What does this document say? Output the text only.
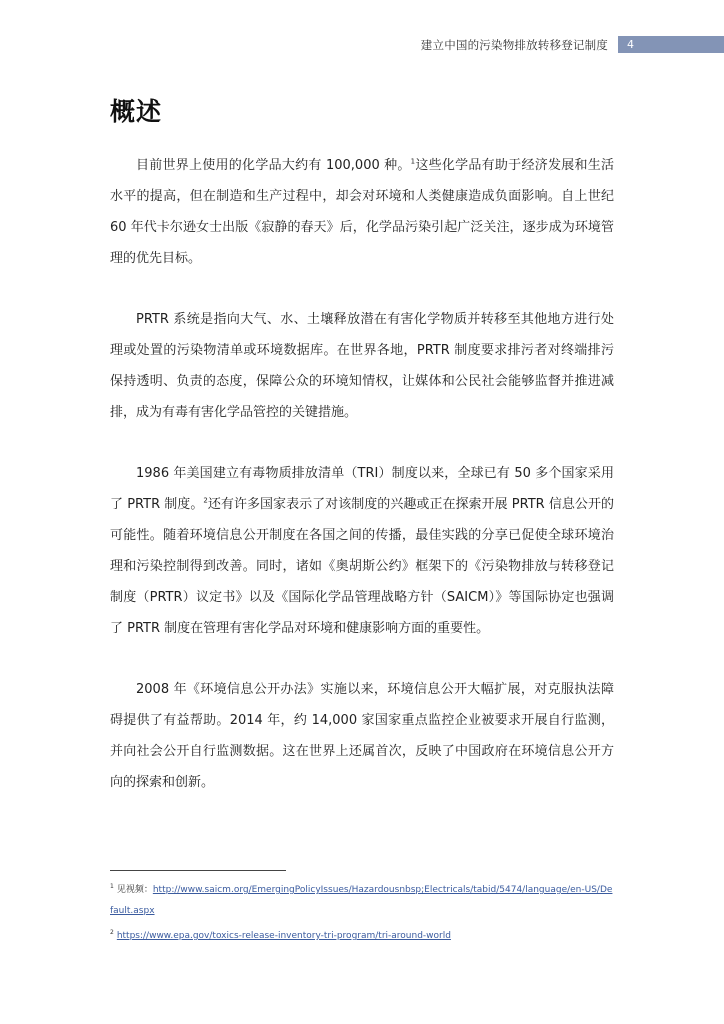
建立中国的污染物排放转移登记制度	4
概述

目前世界上使用的化学品大约有 100,000 种。$^1$这些化学品有助于经济发展和生活水平的提高，但在制造和生产过程中，却会对环境和人类健康造成负面影响。自上世纪 60 年代卡尔逊女士出版《寂静的春天》后，化学品污染引起广泛关注，逐步成为环境管理的优先目标。

PRTR 系统是指向大气、水、土壤释放潜在有害化学物质并转移至其他地方进行处理或处置的污染物清单或环境数据库。在世界各地，PRTR 制度要求排污者对终端排污保持透明、负责的态度，保障公众的环境知情权，让媒体和公民社会能够监督并推进减排，成为有毒有害化学品管控的关键措施。

1986 年美国建立有毒物质排放清单（TRI）制度以来，全球已有 50 多个国家采用了 PRTR 制度。$^2$还有许多国家表示了对该制度的兴趣或正在探索开展 PRTR 信息公开的可能性。随着环境信息公开制度在各国之间的传播，最佳实践的分享已促使全球环境治理和污染控制得到改善。同时，诸如《奥胡斯公约》框架下的《污染物排放与转移登记制度（PRTR）议定书》以及《国际化学品管理战略方针（SAICM）》等国际协定也强调了 PRTR 制度在管理有害化学品对环境和健康影响方面的重要性。

2008 年《环境信息公开办法》实施以来，环境信息公开大幅扩展，对克服执法障碍提供了有益帮助。2014 年，约 14,000 家国家重点监控企业被要求开展自行监测，并向社会公开自行监测数据。这在世界上还属首次，反映了中国政府在环境信息公开方向的探索和创新。

$^1$ 见视频：http://www.saicm.org/EmergingPolicyIssues/Hazardousnbsp;Electricals/tabid/5474/language/en-US/Default.aspx

$^2$ https://www.epa.gov/toxics-release-inventory-tri-program/tri-around-world
